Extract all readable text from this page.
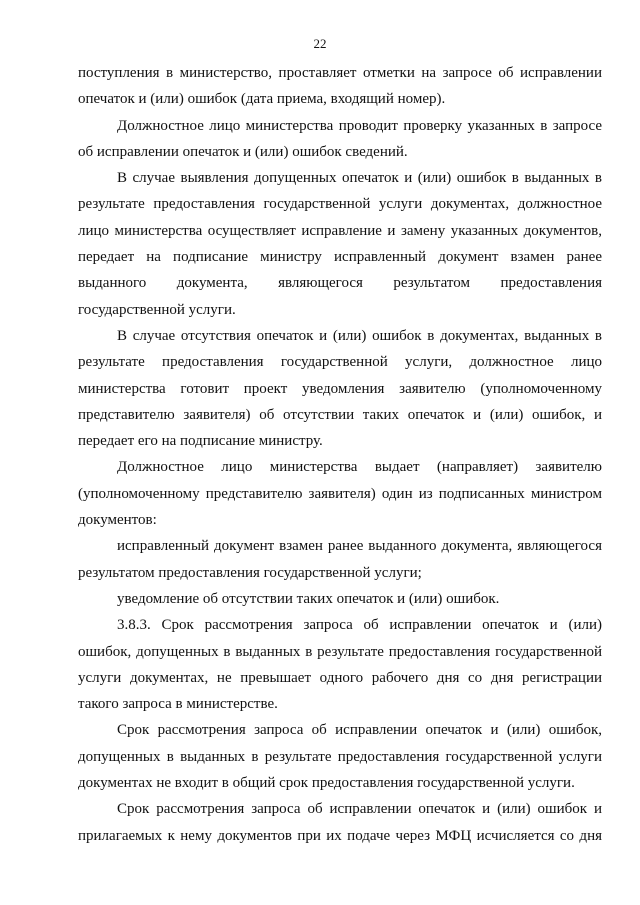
22

поступления в министерство, проставляет отметки на запросе об исправлении опечаток и (или) ошибок (дата приема, входящий номер).

Должностное лицо министерства проводит проверку указанных в запросе об исправлении опечаток и (или) ошибок сведений.

В случае выявления допущенных опечаток и (или) ошибок в выданных в результате предоставления государственной услуги документах, должностное лицо министерства осуществляет исправление и замену указанных документов, передает на подписание министру исправленный документ взамен ранее выданного документа, являющегося результатом предоставления государственной услуги.

В случае отсутствия опечаток и (или) ошибок в документах, выданных в результате предоставления государственной услуги, должностное лицо министерства готовит проект уведомления заявителю (уполномоченному представителю заявителя) об отсутствии таких опечаток и (или) ошибок, и передает его на подписание министру.

Должностное лицо министерства выдает (направляет) заявителю (уполномоченному представителю заявителя) один из подписанных министром документов:

исправленный документ взамен ранее выданного документа, являющегося результатом предоставления государственной услуги;

уведомление об отсутствии таких опечаток и (или) ошибок.

3.8.3. Срок рассмотрения запроса об исправлении опечаток и (или) ошибок, допущенных в выданных в результате предоставления государственной услуги документах, не превышает одного рабочего дня со дня регистрации такого запроса в министерстве.

Срок рассмотрения запроса об исправлении опечаток и (или) ошибок, допущенных в выданных в результате предоставления государственной услуги документах не входит в общий срок предоставления государственной услуги.

Срок рассмотрения запроса об исправлении опечаток и (или) ошибок и прилагаемых к нему документов при их подаче через МФЦ исчисляется со дня
